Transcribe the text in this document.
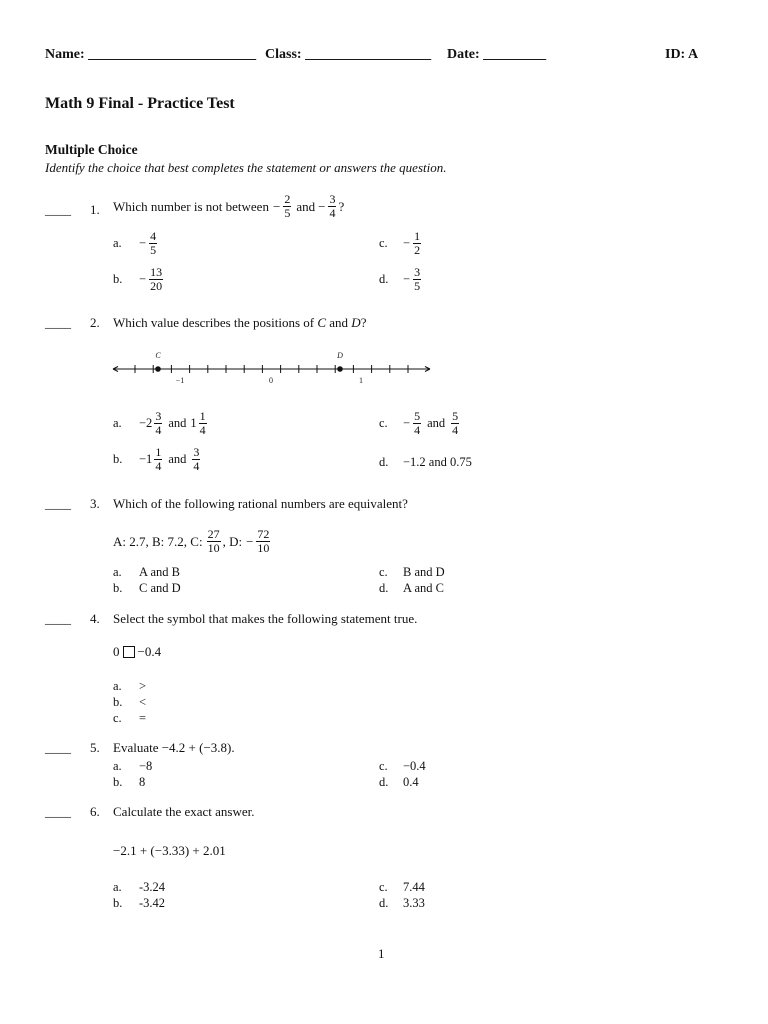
Name: ________________________ Class: __________________ Date: _________	ID: A
Math 9 Final - Practice Test
Multiple Choice
Identify the choice that best completes the statement or answers the question.
____ 1. Which number is not between − $\frac{2}{5}$ and − $\frac{3}{4}$ ?
a.	− $\frac{4}{5}$
b.	− $\frac{13}{20}$
c.	− $\frac{1}{2}$
d.	− $\frac{3}{5}$
____ 2. Which value describes the positions of C and D?
C	D
−1	0	1
a.	$-2 \frac{3}{4}$ and $1 \frac{1}{4}$
b.	$-1 \frac{1}{4}$ and $\frac{3}{4}$
c.	− $\frac{5}{4}$ and $\frac{5}{4}$
d.	−1.2 and 0.75
____ 3. Which of the following rational numbers are equivalent?
A: 2.7, B: 7.2, C: $\frac{27}{10}$ , D: − $\frac{72}{10}$
a.	A and B
b.	C and D
c.	B and D
d.	A and C
____ 4. Select the symbol that makes the following statement true.
0 −0.4
a.	>
b.	<
c.	=
____ 5. Evaluate −4.2 + (−3.8).
a.	−8
b.	8
c.	−0.4
d.	0.4
____ 6. Calculate the exact answer.
−2.1 + (−3.33) + 2.01
a.	-3.24
b.	-3.42
c.	7.44
d.	3.33
1
